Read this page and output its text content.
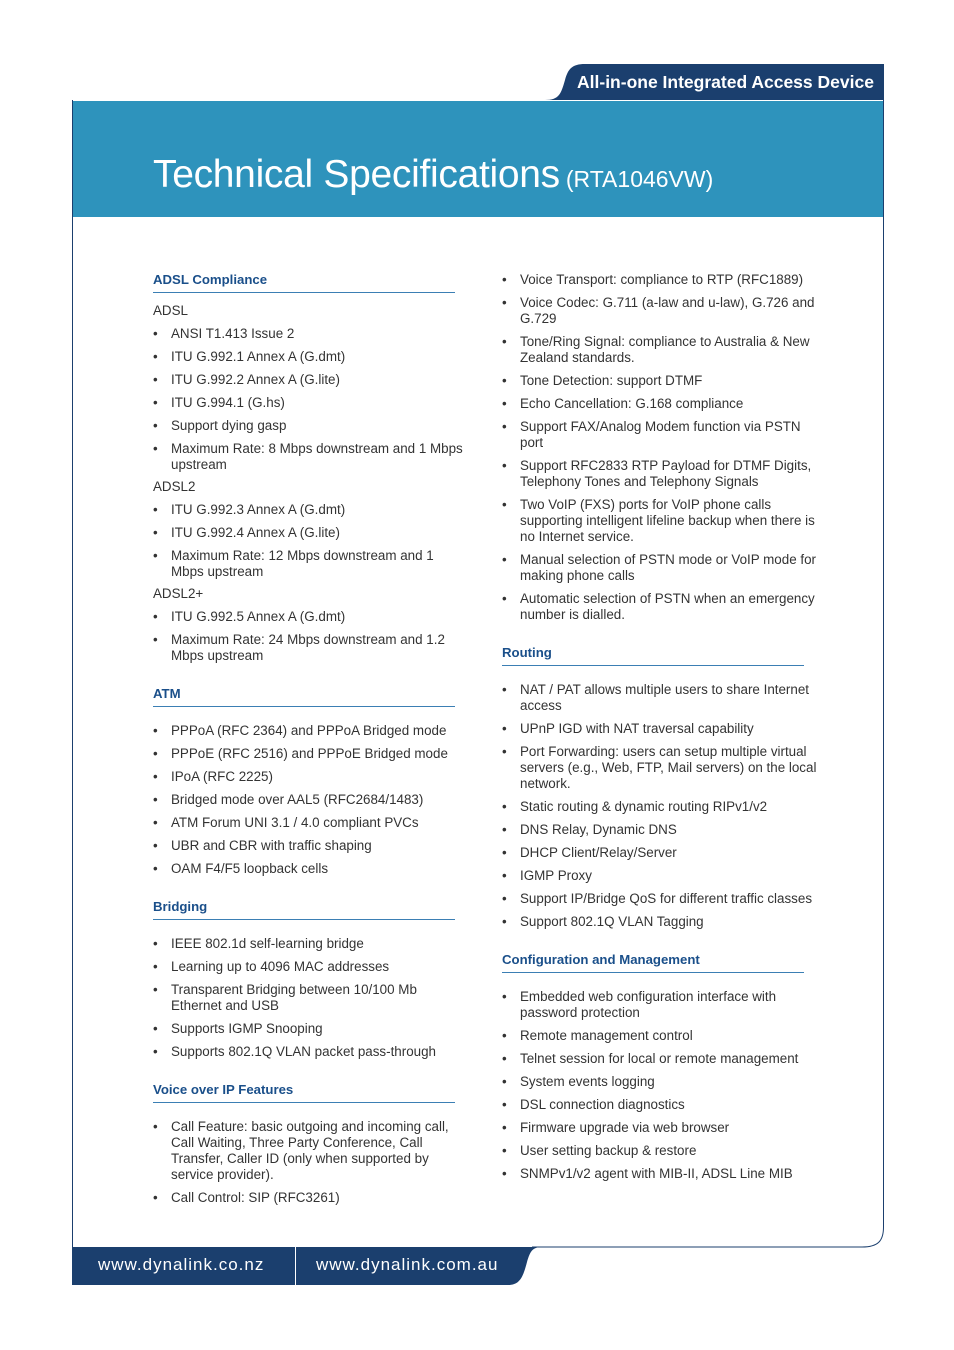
All-in-one Integrated Access Device
Technical Specifications (RTA1046VW)
ADSL Compliance
ADSL
• ANSI T1.413 Issue 2
• ITU G.992.1 Annex A (G.dmt)
• ITU G.992.2 Annex A (G.lite)
• ITU G.994.1 (G.hs)
• Support dying gasp
• Maximum Rate: 8 Mbps downstream and 1 Mbps upstream
ADSL2
• ITU G.992.3 Annex A (G.dmt)
• ITU G.992.4 Annex A (G.lite)
• Maximum Rate: 12 Mbps downstream and 1 Mbps upstream
ADSL2+
• ITU G.992.5 Annex A (G.dmt)
• Maximum Rate: 24 Mbps downstream and 1.2 Mbps upstream
ATM
• PPPoA (RFC 2364) and PPPoA Bridged mode
• PPPoE (RFC 2516) and PPPoE Bridged mode
• IPoA (RFC 2225)
• Bridged mode over AAL5 (RFC2684/1483)
• ATM Forum UNI 3.1 / 4.0 compliant PVCs
• UBR and CBR with traffic shaping
• OAM F4/F5 loopback cells
Bridging
• IEEE 802.1d self-learning bridge
• Learning up to 4096 MAC addresses
• Transparent Bridging between 10/100 Mb Ethernet and USB
• Supports IGMP Snooping
• Supports 802.1Q VLAN packet pass-through
Voice over IP Features
• Call Feature: basic outgoing and incoming call, Call Waiting, Three Party Conference, Call Transfer, Caller ID (only when supported by service provider).
• Call Control: SIP (RFC3261)
• Voice Transport: compliance to RTP (RFC1889)
• Voice Codec: G.711 (a-law and u-law), G.726 and G.729
• Tone/Ring Signal: compliance to Australia & New Zealand standards.
• Tone Detection: support DTMF
• Echo Cancellation: G.168 compliance
• Support FAX/Analog Modem function via PSTN port
• Support RFC2833 RTP Payload for DTMF Digits, Telephony Tones and Telephony Signals
• Two VoIP (FXS) ports for VoIP phone calls supporting intelligent lifeline backup when there is no Internet service.
• Manual selection of PSTN mode or VoIP mode for making phone calls
• Automatic selection of PSTN when an emergency number is dialled.
Routing
• NAT / PAT allows multiple users to share Internet access
• UPnP IGD with NAT traversal capability
• Port Forwarding: users can setup multiple virtual servers (e.g., Web, FTP, Mail servers) on the local network.
• Static routing & dynamic routing RIPv1/v2
• DNS Relay, Dynamic DNS
• DHCP Client/Relay/Server
• IGMP Proxy
• Support IP/Bridge QoS for different traffic classes
• Support 802.1Q VLAN Tagging
Configuration and Management
• Embedded web configuration interface with password protection
• Remote management control
• Telnet session for local or remote management
• System events logging
• DSL connection diagnostics
• Firmware upgrade via web browser
• User setting backup & restore
• SNMPv1/v2 agent with MIB-II, ADSL Line MIB
www.dynalink.co.nz	www.dynalink.com.au
